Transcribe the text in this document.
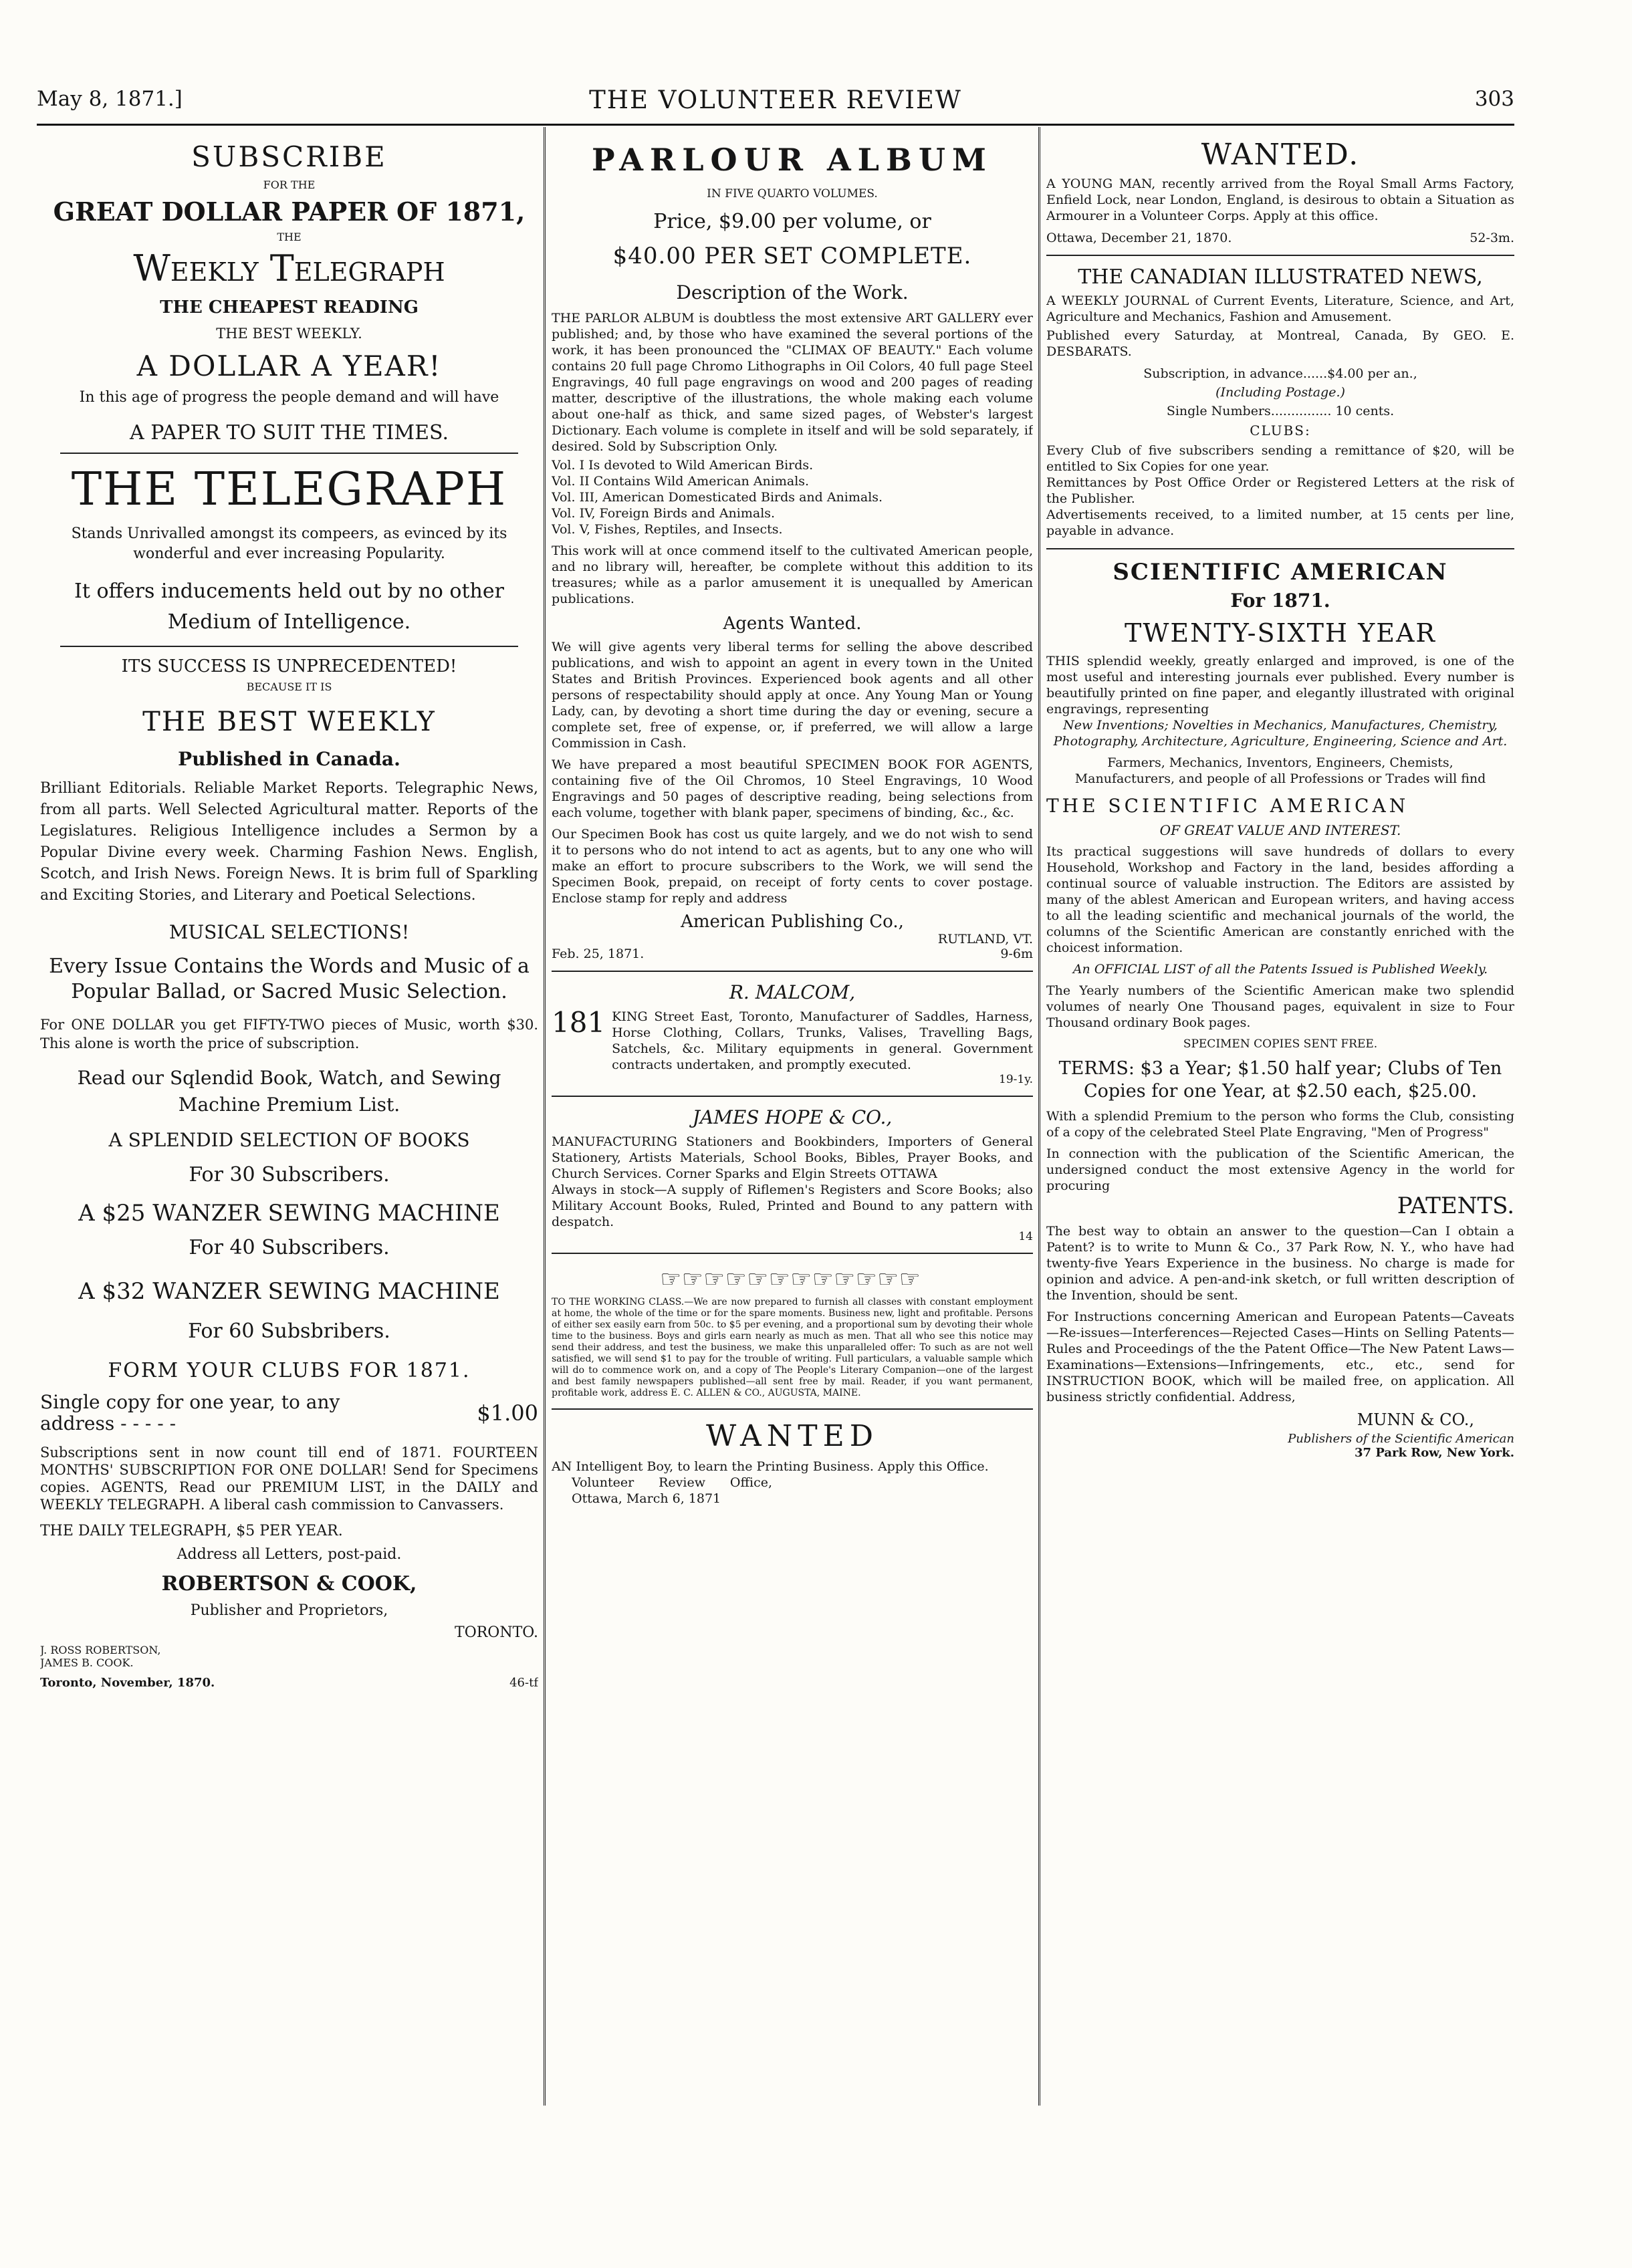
May 8, 1871.]	THE VOLUNTEER REVIEW	303
SUBSCRIBE
FOR THE
GREAT DOLLAR PAPER OF 1871,
THE
Weekly Telegraph
THE CHEAPEST READING
THE BEST WEEKLY.
A DOLLAR A YEAR!

In this age of progress the people demand and will have

A PAPER TO SUIT THE TIMES.
THE TELEGRAPH

Stands Unrivalled amongst its compeers, as evinced by its wonderful and ever increasing Popularity.

It offers inducements held out by no other Medium of Intelligence.

ITS SUCCESS IS UNPRECEDENTED!
BECAUSE IT IS
THE BEST WEEKLY
Published in Canada.

Brilliant Editorials. Reliable Market Reports. Telegraphic News, from all parts. Well Selected Agricultural matter. Reports of the Legislatures. Religious Intelligence includes a Sermon by a Popular Divine every week. Charming Fashion News. English, Scotch, and Irish News. Foreign News. It is brim full of Sparkling and Exciting Stories, and Literary and Poetical Selections.

MUSICAL SELECTIONS!

Every Issue Contains the Words and Music of a Popular Ballad, or Sacred Music Selection.

For ONE DOLLAR you get FIFTY-TWO pieces of Music, worth $30. This alone is worth the price of subscription.

Read our Sqlendid Book, Watch, and Sewing Machine Premium List.

A SPLENDID SELECTION OF BOOKS
For 30 Subscribers.
A $25 WANZER SEWING MACHINE
For 40 Subscribers.
A $32 WANZER SEWING MACHINE
For 60 Subsbribers.
FORM YOUR CLUBS FOR 1871.

Single copy for one year, to any address - - - - -	$1.00

Subscriptions sent in now count till end of 1871. FOURTEEN MONTHS' SUBSCRIPTION FOR ONE DOLLAR! Send for Specimens copies. AGENTS, Read our PREMIUM LIST, in the DAILY and WEEKLY TELEGRAPH. A liberal cash commission to Canvassers.

THE DAILY TELEGRAPH, $5 PER YEAR.
Address all Letters, post-paid.
ROBERTSON & COOK,
Publisher and Proprietors,
TORONTO.
J. ROSS ROBERTSON,
JAMES B. COOK.
Toronto, November, 1870.	46-tf
PARLOUR ALBUM
IN FIVE QUARTO VOLUMES.
Price, $9.00 per volume, or
$40.00 PER SET COMPLETE.
Description of the Work.

THE PARLOR ALBUM is doubtless the most extensive ART GALLERY ever published; and, by those who have examined the several portions of the work, it has been pronounced the "CLIMAX OF BEAUTY." Each volume contains 20 full page Chromo Lithographs in Oil Colors, 40 full page Steel Engravings, 40 full page engravings on wood and 200 pages of reading matter, descriptive of the illustrations, the whole making each volume about one-half as thick, and same sized pages, of Webster's largest Dictionary. Each volume is complete in itself and will be sold separately, if desired. Sold by Subscription Only.

Vol. I Is devoted to Wild American Birds.
Vol. II Contains Wild American Animals.
Vol. III, American Domesticated Birds and Animals.
Vol. IV, Foreign Birds and Animals.
Vol. V, Fishes, Reptiles, and Insects.

This work will at once commend itself to the cultivated American people, and no library will, hereafter, be complete without this addition to its treasures; while as a parlor amusement it is unequalled by American publications.

Agents Wanted.

We will give agents very liberal terms for selling the above described publications, and wish to appoint an agent in every town in the United States and British Provinces. Experienced book agents and all other persons of respectability should apply at once. Any Young Man or Young Lady, can, by devoting a short time during the day or evening, secure a complete set, free of expense, or, if preferred, we will allow a large Commission in Cash.

We have prepared a most beautiful SPECIMEN BOOK FOR AGENTS, containing five of the Oil Chromos, 10 Steel Engravings, 10 Wood Engravings and 50 pages of descriptive reading, being selections from each volume, together with blank paper, specimens of binding, &c., &c.

Our Specimen Book has cost us quite largely, and we do not wish to send it to persons who do not intend to act as agents, but to any one who will make an effort to procure subscribers to the Work, we will send the Specimen Book, prepaid, on receipt of forty cents to cover postage. Enclose stamp for reply and address

American Publishing Co.,
RUTLAND, VT.
Feb. 25, 1871.	9-6m
R. MALCOM,
181 KING Street East, Toronto, Manufacturer of Saddles, Harness, Horse Clothing, Collars, Trunks, Valises, Travelling Bags, Satchels, &c. Military equipments in general. Government contracts undertaken, and promptly executed.

19-1y.
JAMES HOPE & CO.,

MANUFACTURING Stationers and Bookbinders, Importers of General Stationery, Artists Materials, School Books, Bibles, Prayer Books, and Church Services. Corner Sparks and Elgin Streets OTTAWA

Always in stock—A supply of Riflemen's Registers and Score Books; also Military Account Books, Ruled, Printed and Bound to any pattern with despatch.

14
☞☞☞☞☞☞☞☞☞☞☞☞

TO THE WORKING CLASS.—We are now prepared to furnish all classes with constant employment at home, the whole of the time or for the spare moments. Business new, light and profitable. Persons of either sex easily earn from 50c. to $5 per evening, and a proportional sum by devoting their whole time to the business. Boys and girls earn nearly as much as men. That all who see this notice may send their address, and test the business, we make this unparalleled offer: To such as are not well satisfied, we will send $1 to pay for the trouble of writing. Full particulars, a valuable sample which will do to commence work on, and a copy of The People's Literary Companion—one of the largest and best family newspapers published—all sent free by mail. Reader, if you want permanent, profitable work, address E. C. ALLEN & CO., AUGUSTA, MAINE.

WANTED

AN Intelligent Boy, to learn the Printing Business. Apply this Office.

Volunteer Review Office, Ottawa, March 6, 1871

WANTED.

A YOUNG MAN, recently arrived from the Royal Small Arms Factory, Enfield Lock, near London, England, is desirous to obtain a Situation as Armourer in a Volunteer Corps. Apply at this office.

Ottawa, December 21, 1870.	52-3m.
THE CANADIAN ILLUSTRATED NEWS,

A WEEKLY JOURNAL of Current Events, Literature, Science, and Art, Agriculture and Mechanics, Fashion and Amusement.

Published every Saturday, at Montreal, Canada, By GEO. E. DESBARATS.

Subscription, in advance......$4.00 per an.,
(Including Postage.)
Single Numbers............... 10 cents.
CLUBS:

Every Club of five subscribers sending a remittance of $20, will be entitled to Six Copies for one year.

Remittances by Post Office Order or Registered Letters at the risk of the Publisher.

Advertisements received, to a limited number, at 15 cents per line, payable in advance.

SCIENTIFIC AMERICAN
For 1871.
TWENTY-SIXTH YEAR

THIS splendid weekly, greatly enlarged and improved, is one of the most useful and interesting journals ever published. Every number is beautifully printed on fine paper, and elegantly illustrated with original engravings, representing

New Inventions; Novelties in Mechanics, Manufactures, Chemistry, Photography, Architecture, Agriculture, Engineering, Science and Art.

Farmers, Mechanics, Inventors, Engineers, Chemists, Manufacturers, and people of all Professions or Trades will find

THE SCIENTIFIC AMERICAN
OF GREAT VALUE AND INTEREST.

Its practical suggestions will save hundreds of dollars to every Household, Workshop and Factory in the land, besides affording a continual source of valuable instruction. The Editors are assisted by many of the ablest American and European writers, and having access to all the leading scientific and mechanical journals of the world, the columns of the Scientific American are constantly enriched with the choicest information.

An OFFICIAL LIST of all the Patents Issued is Published Weekly.

The Yearly numbers of the Scientific American make two splendid volumes of nearly One Thousand pages, equivalent in size to Four Thousand ordinary Book pages.

SPECIMEN COPIES SENT FREE.

TERMS: $3 a Year; $1.50 half year; Clubs of Ten Copies for one Year, at $2.50 each, $25.00.

With a splendid Premium to the person who forms the Club, consisting of a copy of the celebrated Steel Plate Engraving, "Men of Progress"

In connection with the publication of the Scientific American, the undersigned conduct the most extensive Agency in the world for procuring

PATENTS.

The best way to obtain an answer to the question—Can I obtain a Patent? is to write to Munn & Co., 37 Park Row, N. Y., who have had twenty-five Years Experience in the business. No charge is made for opinion and advice. A pen-and-ink sketch, or full written description of the Invention, should be sent.

For Instructions concerning American and European Patents—Caveats—Re-issues—Interferences—Rejected Cases—Hints on Selling Patents—Rules and Proceedings of the the Patent Office—The New Patent Laws—Examinations—Extensions—Infringements, etc., etc., send for INSTRUCTION BOOK, which will be mailed free, on application. All business strictly confidential. Address,

MUNN & CO.,
Publishers of the Scientific American
37 Park Row, New York.
